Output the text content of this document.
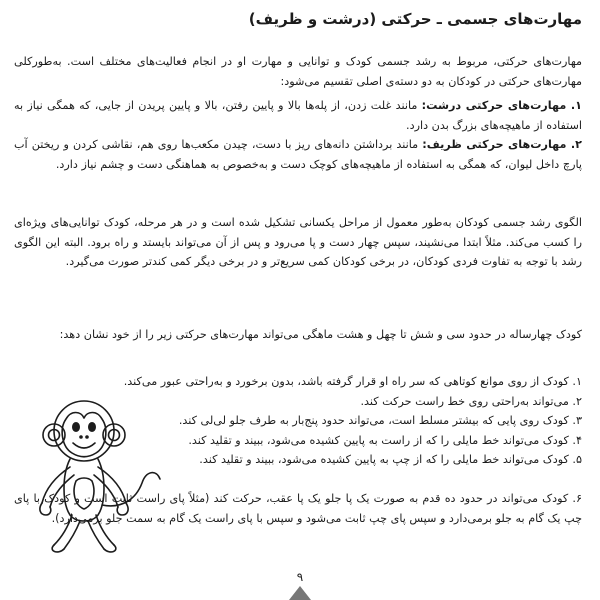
مهارت‌های جسمی ـ حرکتی (درشت و ظریف)

مهارت‌های حرکتی، مربوط به رشد جسمی کودک و توانایی و مهارت او در انجام فعالیت‌های مختلف است. به‌طورکلی مهارت‌های حرکتی در کودکان به دو دسته‌ی اصلی تقسیم می‌شود:

۱. مهارت‌های حرکتی درشت: مانند غلت زدن، از پله‌ها بالا و پایین رفتن، بالا و پایین پریدن از جایی، که همگی نیاز به استفاده از ماهیچه‌های بزرگ بدن دارد.
۲. مهارت‌های حرکتی ظریف: مانند برداشتن دانه‌های ریز با دست، چیدن مکعب‌ها روی هم، نقاشی کردن و ریختن آب پارچ داخل لیوان، که همگی به استفاده از ماهیچه‌های کوچک دست و به‌خصوص به هماهنگی دست و چشم نیاز دارد.

الگوی رشد جسمی کودکان به‌طور معمول از مراحل یکسانی تشکیل شده است و در هر مرحله، کودک توانایی‌های ویژه‌ای را کسب می‌کند. مثلاً ابتدا می‌نشیند، سپس چهار دست و پا می‌رود و پس از آن می‌تواند بایستد و راه برود. البته این الگوی رشد با توجه به تفاوت فردی کودکان، در برخی کودکان کمی سریع‌تر و در برخی دیگر کمی کندتر صورت می‌گیرد.

کودک چهارساله در حدود سی و شش تا چهل و هشت ماهگی می‌تواند مهارت‌های حرکتی زیر را از خود نشان دهد:

۱. کودک از روی موانع کوتاهی که سر راه او قرار گرفته باشد، بدون برخورد و به‌راحتی عبور می‌کند.
۲. می‌تواند به‌راحتی روی خط راست حرکت کند.
۳. کودک روی پایی که بیشتر مسلط است، می‌تواند حدود پنج‌بار به طرف جلو لی‌لی کند.
۴. کودک می‌تواند خط مایلی را که از راست به پایین کشیده می‌شود، ببیند و تقلید کند.
۵. کودک می‌تواند خط مایلی را که از چپ به پایین کشیده می‌شود، ببیند و تقلید کند.

۶. کودک می‌تواند در حدود ده قدم به صورت یک پا جلو یک پا عقب، حرکت کند (مثلاً پای راست ثابت است و کودک با پای چپ یک گام به جلو برمی‌دارد و سپس پای چپ ثابت می‌شود و سپس با پای راست یک گام به سمت جلو برمی‌دارد).

۹
